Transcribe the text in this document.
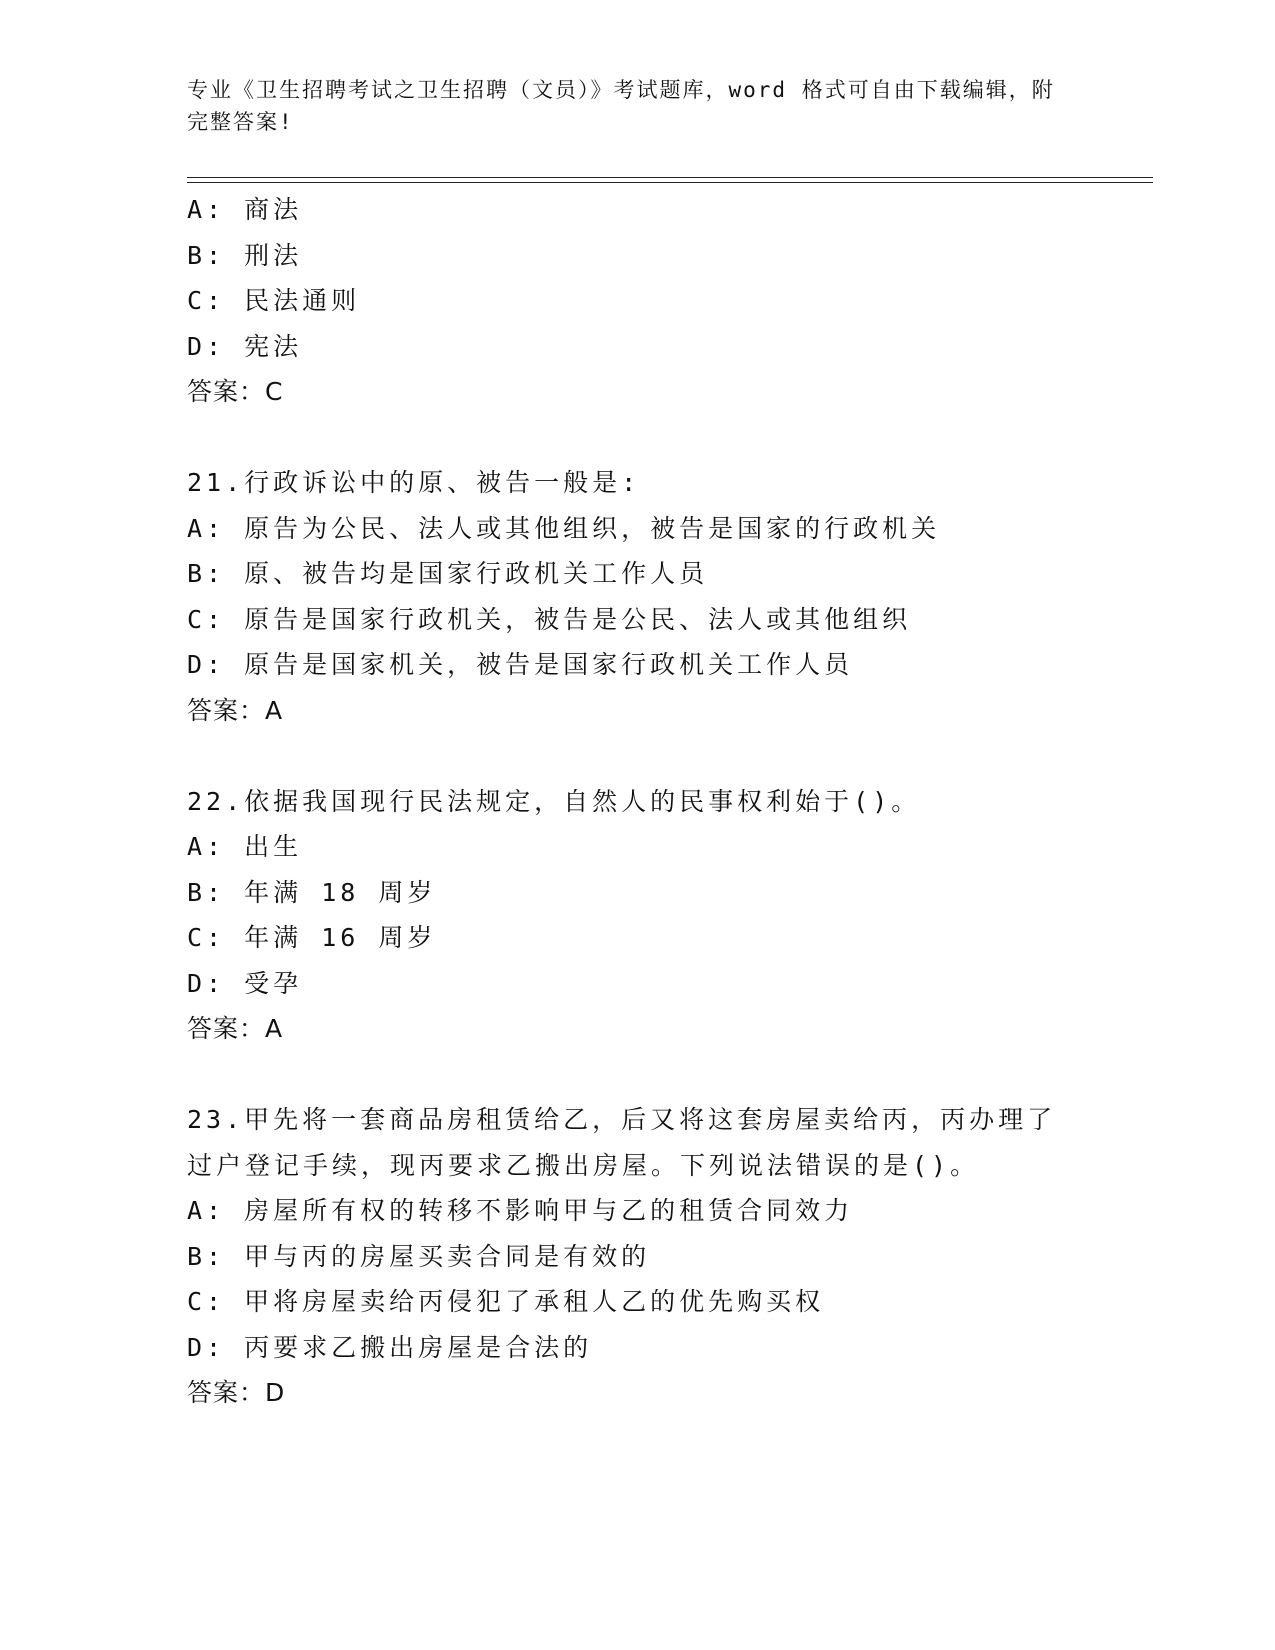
专业《卫生招聘考试之卫生招聘（文员）》考试题库，word 格式可自由下载编辑，附完整答案!
A: 商法
B: 刑法
C: 民法通则
D: 宪法
答案：C
21.行政诉讼中的原、被告一般是:
A: 原告为公民、法人或其他组织，被告是国家的行政机关
B: 原、被告均是国家行政机关工作人员
C: 原告是国家行政机关，被告是公民、法人或其他组织
D: 原告是国家机关，被告是国家行政机关工作人员
答案：A
22.依据我国现行民法规定，自然人的民事权利始于()。
A: 出生
B: 年满 18 周岁
C: 年满 16 周岁
D: 受孕
答案：A
23.甲先将一套商品房租赁给乙，后又将这套房屋卖给丙，丙办理了过户登记手续，现丙要求乙搬出房屋。下列说法错误的是()。
A: 房屋所有权的转移不影响甲与乙的租赁合同效力
B: 甲与丙的房屋买卖合同是有效的
C: 甲将房屋卖给丙侵犯了承租人乙的优先购买权
D: 丙要求乙搬出房屋是合法的
答案：D
